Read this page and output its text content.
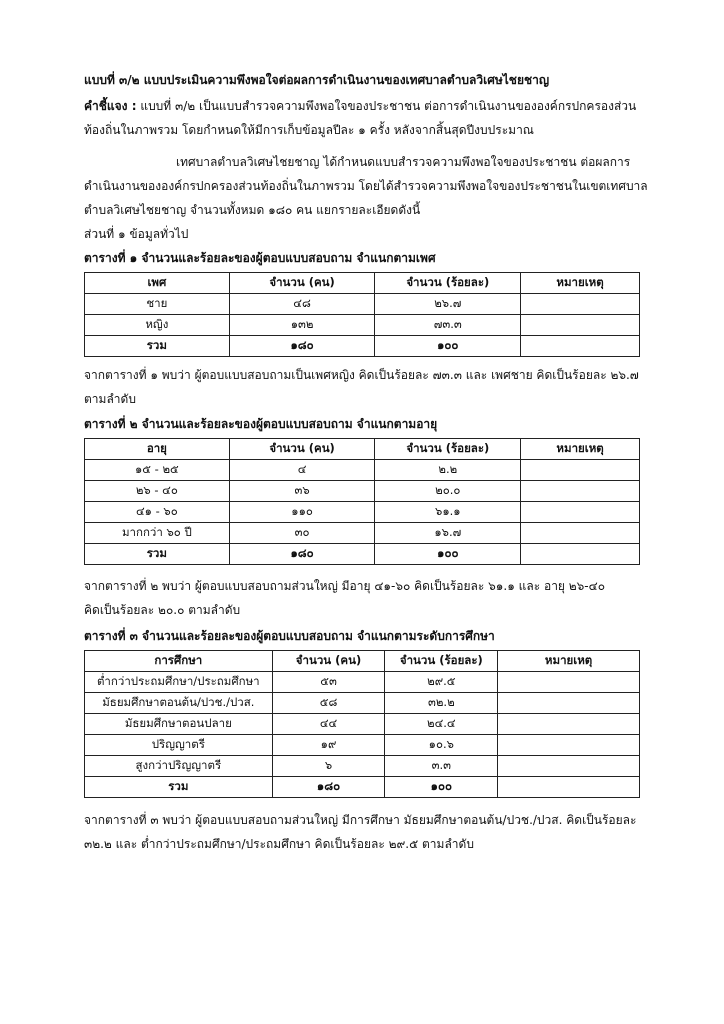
แบบที่ ๓/๒ แบบประเมินความพึงพอใจต่อผลการดำเนินงานของเทศบาลตำบลวิเศษไชยชาญ
คำชี้แจง : แบบที่ ๓/๒ เป็นแบบสำรวจความพึงพอใจของประชาชน ต่อการดำเนินงานขององค์กรปกครองส่วน
ท้องถิ่นในภาพรวม โดยกำหนดให้มีการเก็บข้อมูลปีละ ๑ ครั้ง หลังจากสิ้นสุดปีงบประมาณ
เทศบาลตำบลวิเศษไชยชาญ ได้กำหนดแบบสำรวจความพึงพอใจของประชาชน ต่อผลการ
ดำเนินงานขององค์กรปกครองส่วนท้องถิ่นในภาพรวม โดยได้สำรวจความพึงพอใจของประชาชนในเขตเทศบาล
ตำบลวิเศษไชยชาญ จำนวนทั้งหมด ๑๘๐ คน แยกรายละเอียดดังนี้
ส่วนที่ ๑ ข้อมูลทั่วไป
ตารางที่ ๑ จำนวนและร้อยละของผู้ตอบแบบสอบถาม จำแนกตามเพศ
เพศ	จำนวน (คน)	จำนวน (ร้อยละ)	หมายเหตุ
ชาย	๔๘	๒๖.๗	
หญิง	๑๓๒	๗๓.๓	
รวม	๑๘๐	๑๐๐	
จากตารางที่ ๑ พบว่า ผู้ตอบแบบสอบถามเป็นเพศหญิง คิดเป็นร้อยละ ๗๓.๓ และ เพศชาย คิดเป็นร้อยละ ๒๖.๗
ตามลำดับ
ตารางที่ ๒ จำนวนและร้อยละของผู้ตอบแบบสอบถาม จำแนกตามอายุ
อายุ	จำนวน (คน)	จำนวน (ร้อยละ)	หมายเหตุ
๑๕ - ๒๕	๔	๒.๒	
๒๖ - ๔๐	๓๖	๒๐.๐	
๔๑ - ๖๐	๑๑๐	๖๑.๑	
มากกว่า ๖๐ ปี	๓๐	๑๖.๗	
รวม	๑๘๐	๑๐๐	
จากตารางที่ ๒ พบว่า ผู้ตอบแบบสอบถามส่วนใหญ่ มีอายุ ๔๑-๖๐ คิดเป็นร้อยละ ๖๑.๑ และ อายุ ๒๖-๔๐
คิดเป็นร้อยละ ๒๐.๐ ตามลำดับ
ตารางที่ ๓ จำนวนและร้อยละของผู้ตอบแบบสอบถาม จำแนกตามระดับการศึกษา
การศึกษา	จำนวน (คน)	จำนวน (ร้อยละ)	หมายเหตุ
ต่ำกว่าประถมศึกษา/ประถมศึกษา	๕๓	๒๙.๕	
มัธยมศึกษาตอนต้น/ปวช./ปวส.	๕๘	๓๒.๒	
มัธยมศึกษาตอนปลาย	๔๔	๒๔.๔	
ปริญญาตรี	๑๙	๑๐.๖	
สูงกว่าปริญญาตรี	๖	๓.๓	
รวม	๑๘๐	๑๐๐	
จากตารางที่ ๓ พบว่า ผู้ตอบแบบสอบถามส่วนใหญ่ มีการศึกษา มัธยมศึกษาตอนต้น/ปวช./ปวส. คิดเป็นร้อยละ
๓๒.๒ และ ต่ำกว่าประถมศึกษา/ประถมศึกษา คิดเป็นร้อยละ ๒๙.๕ ตามลำดับ
